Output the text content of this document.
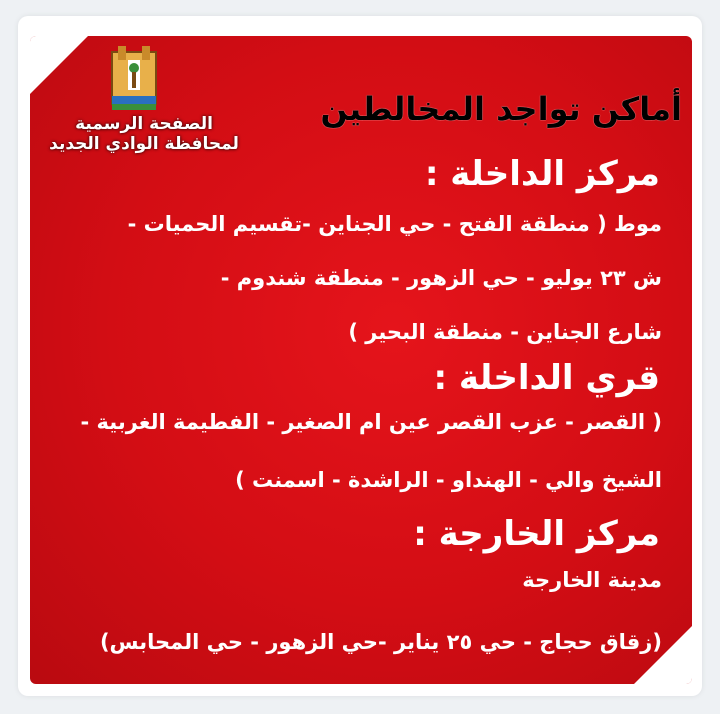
الصفحة الرسمية
لمحافظة الوادي الجديد
أماكن تواجد المخالطين
مركز الداخلة :
موط ( منطقة الفتح - حي الجناين -تقسيم الحميات -
ش ٢٣ يوليو - حي الزهور - منطقة شندوم -
شارع الجناين - منطقة البحير )
قري الداخلة :
( القصر - عزب القصر عين ام الصغير - الفطيمة الغربية -
الشيخ والي - الهنداو - الراشدة - اسمنت )
مركز الخارجة :
مدينة الخارجة
(زقاق حجاج - حي ٢٥ يناير -حي الزهور - حي المحابس)
